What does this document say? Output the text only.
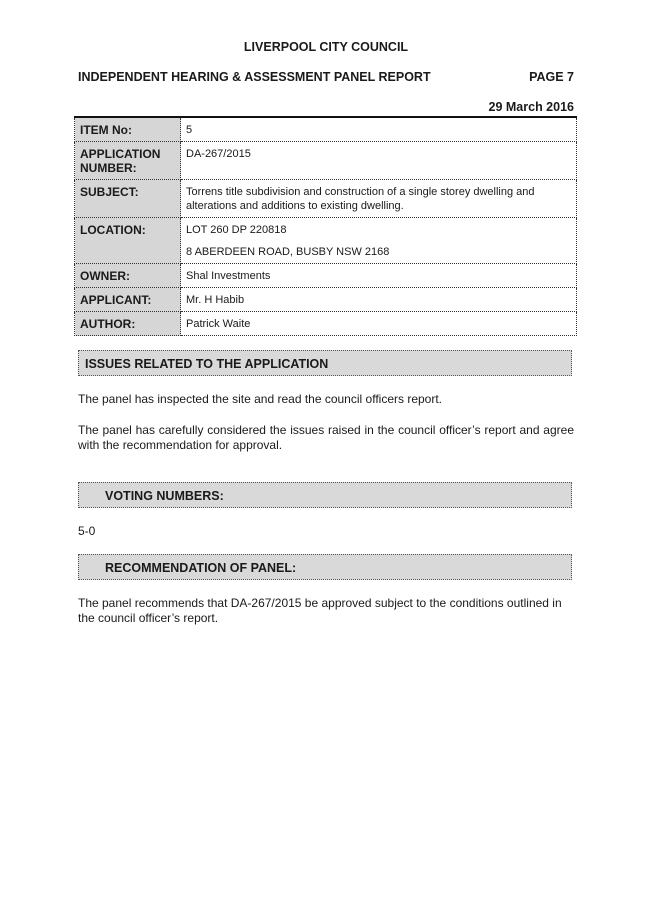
LIVERPOOL CITY COUNCIL
INDEPENDENT HEARING & ASSESSMENT PANEL REPORT	PAGE 7
29 March 2016
ITEM No:	5
APPLICATION NUMBER:	DA-267/2015
SUBJECT:	Torrens title subdivision and construction of a single storey dwelling and alterations and additions to existing dwelling.
LOCATION:	LOT 260 DP 220818
8 ABERDEEN ROAD, BUSBY NSW 2168

OWNER:	Shal Investments
APPLICANT:	Mr. H Habib
AUTHOR:	Patrick Waite
ISSUES RELATED TO THE APPLICATION
The panel has inspected the site and read the council officers report.
The panel has carefully considered the issues raised in the council officer’s report and agree with the recommendation for approval.
VOTING NUMBERS:
5-0
RECOMMENDATION OF PANEL:
The panel recommends that DA-267/2015 be approved subject to the conditions outlined in the council officer’s report.
